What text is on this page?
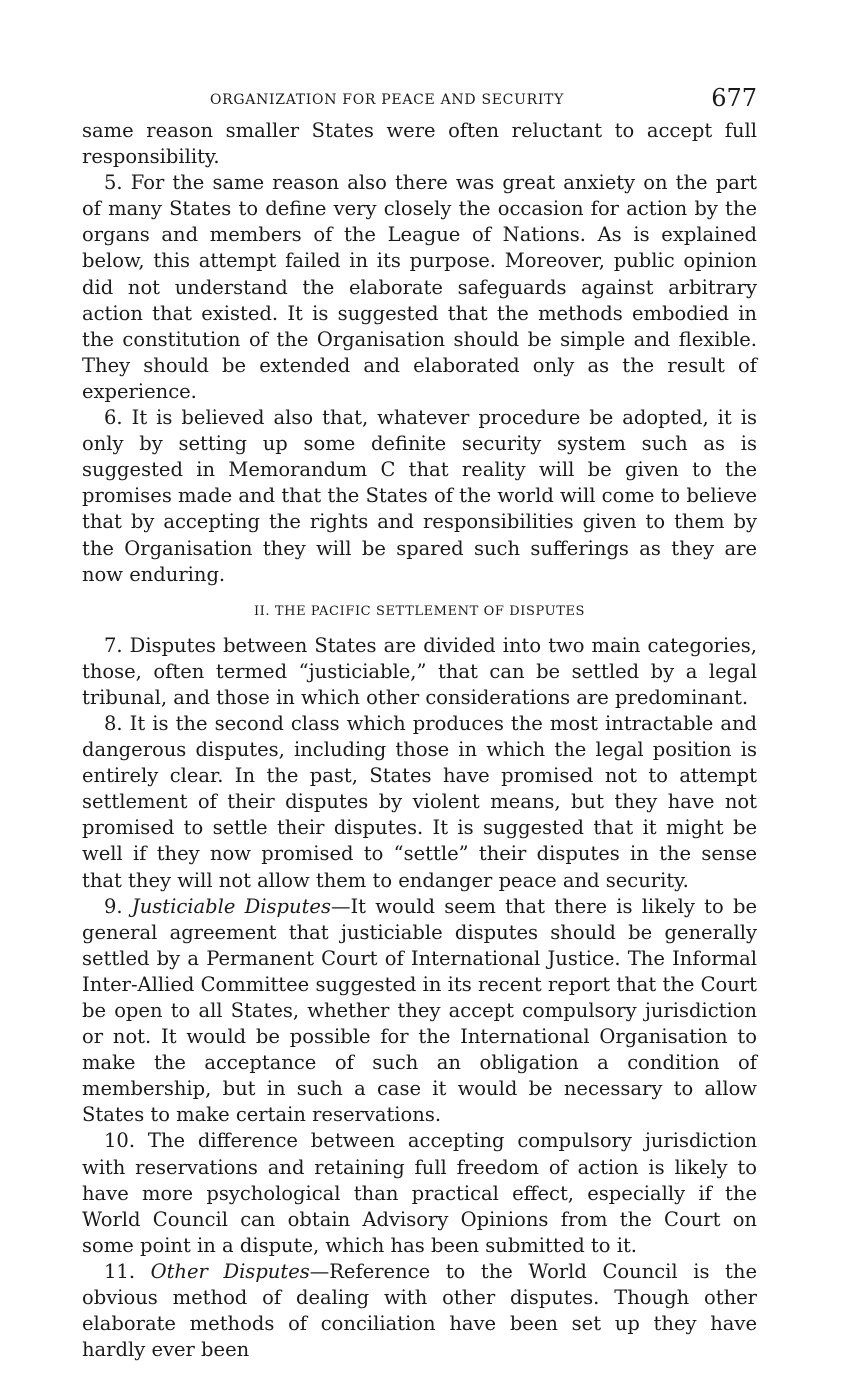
ORGANIZATION FOR PEACE AND SECURITY	677

same reason smaller States were often reluctant to accept full responsibility.

5. For the same reason also there was great anxiety on the part of many States to define very closely the occasion for action by the organs and members of the League of Nations. As is explained below, this attempt failed in its purpose. Moreover, public opinion did not understand the elaborate safeguards against arbitrary action that existed. It is suggested that the methods embodied in the constitution of the Organisation should be simple and flexible. They should be extended and elaborated only as the result of experience.

6. It is believed also that, whatever procedure be adopted, it is only by setting up some definite security system such as is suggested in Memorandum C that reality will be given to the promises made and that the States of the world will come to believe that by accepting the rights and responsibilities given to them by the Organisation they will be spared such sufferings as they are now enduring.

II. THE PACIFIC SETTLEMENT OF DISPUTES

7. Disputes between States are divided into two main categories, those, often termed “justiciable,” that can be settled by a legal tribunal, and those in which other considerations are predominant.

8. It is the second class which produces the most intractable and dangerous disputes, including those in which the legal position is entirely clear. In the past, States have promised not to attempt settlement of their disputes by violent means, but they have not promised to settle their disputes. It is suggested that it might be well if they now promised to “settle” their disputes in the sense that they will not allow them to endanger peace and security.

9. Justiciable Disputes—It would seem that there is likely to be general agreement that justiciable disputes should be generally settled by a Permanent Court of International Justice. The Informal Inter-Allied Committee suggested in its recent report that the Court be open to all States, whether they accept compulsory jurisdiction or not. It would be possible for the International Organisation to make the acceptance of such an obligation a condition of membership, but in such a case it would be necessary to allow States to make certain reservations.

10. The difference between accepting compulsory jurisdiction with reservations and retaining full freedom of action is likely to have more psychological than practical effect, especially if the World Council can obtain Advisory Opinions from the Court on some point in a dispute, which has been submitted to it.

11. Other Disputes—Reference to the World Council is the obvious method of dealing with other disputes. Though other elaborate methods of conciliation have been set up they have hardly ever been
